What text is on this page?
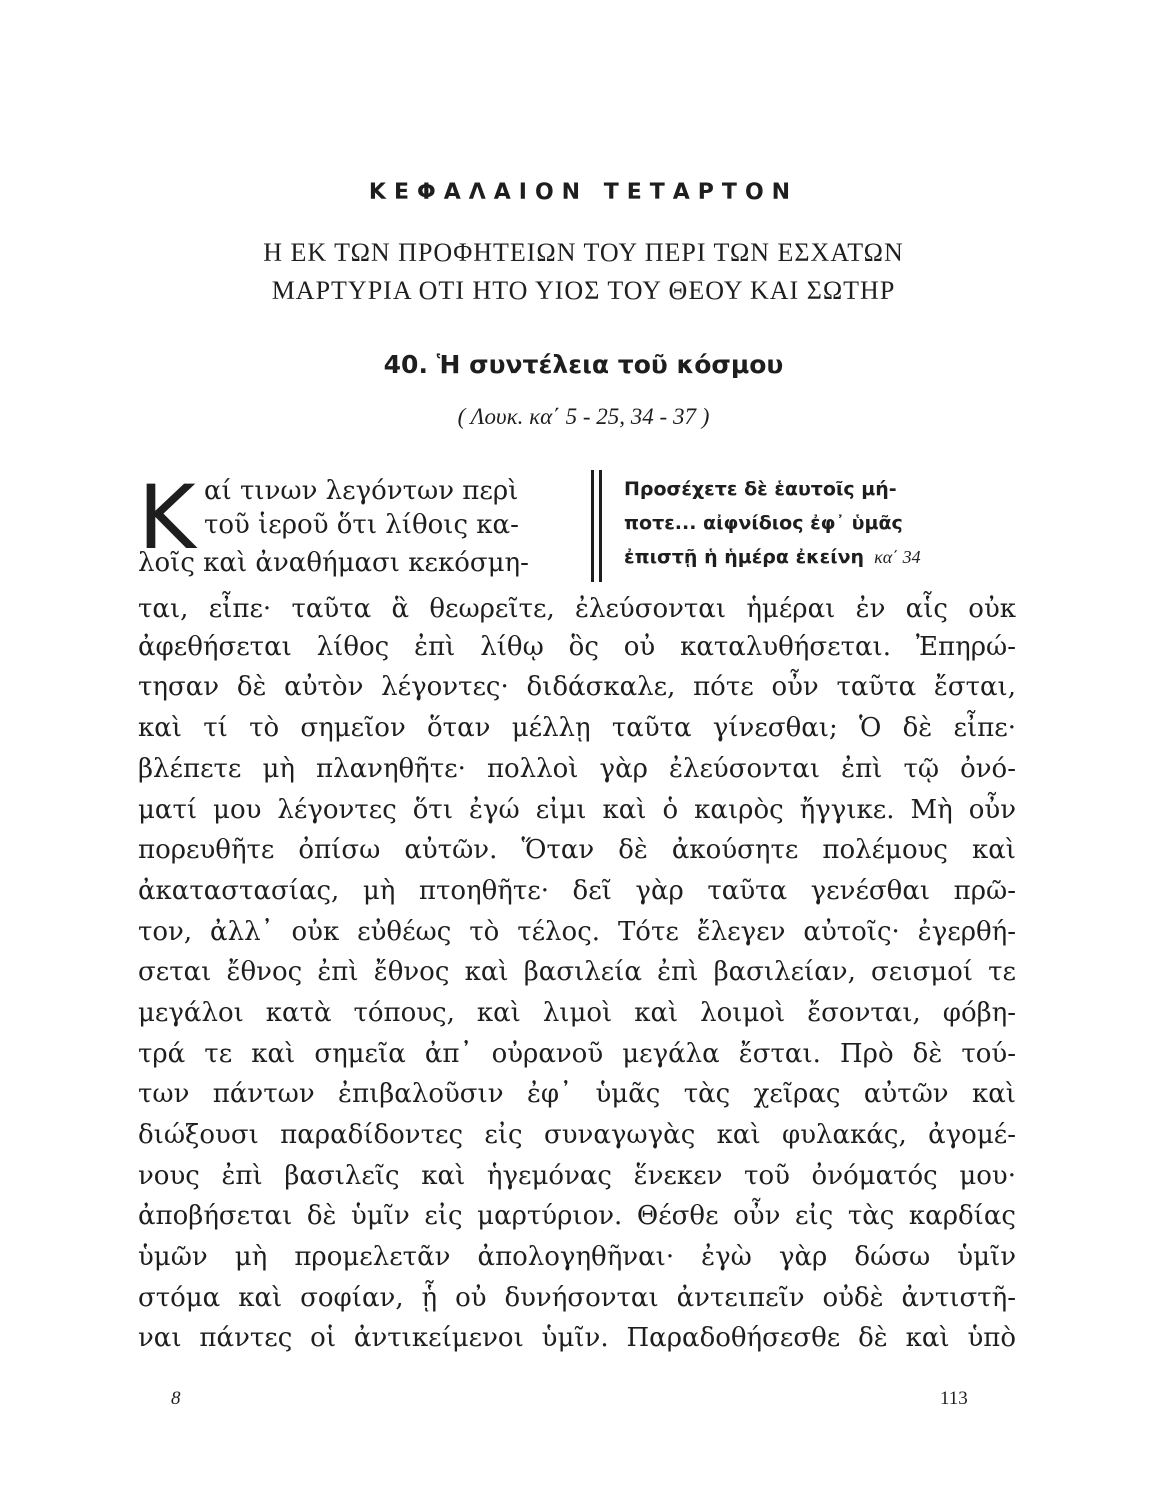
ΚΕΦΑΛΑΙΟΝ ΤΕΤΑΡΤΟΝ
Η ΕΚ ΤΩΝ ΠΡΟΦΗΤΕΙΩΝ ΤΟΥ ΠΕΡΙ ΤΩΝ ΕΣΧΑΤΩΝ
ΜΑΡΤΥΡΙΑ ΟΤΙ ΗΤΟ ΥΙΟΣ ΤΟΥ ΘΕΟΥ ΚΑΙ ΣΩΤΗΡ
40. Ἡ συντέλεια τοῦ κόσμου
( Λουκ. κα΄ 5 - 25, 34 - 37 )
Κ αί τινων λεγόντων περὶ
τοῦ ἱεροῦ ὅτι λίθοις κα-
λοῖς καὶ ἀναθήμασι κεκόσμη-
Προσέχετε δὲ ἑαυτοῖς μή-
ποτε... αἰφνίδιος ἐφ᾽ ὑμᾶς
ἐπιστῇ ἡ ἡμέρα ἐκείνη κα΄ 34
ται, εἶπε· ταῦτα ἃ θεωρεῖτε, ἐλεύσονται ἡμέραι ἐν αἷς οὐκ
ἀφεθήσεται λίθος ἐπὶ λίθῳ ὃς οὐ καταλυθήσεται. Ἐπηρώ-
τησαν δὲ αὐτὸν λέγοντες· διδάσκαλε, πότε οὖν ταῦτα ἔσται,
καὶ τί τὸ σημεῖον ὅταν μέλλῃ ταῦτα γίνεσθαι; Ὁ δὲ εἶπε·
βλέπετε μὴ πλανηθῆτε· πολλοὶ γὰρ ἐλεύσονται ἐπὶ τῷ ὀνό-
ματί μου λέγοντες ὅτι ἐγώ εἰμι καὶ ὁ καιρὸς ἤγγικε. Μὴ οὖν
πορευθῆτε ὀπίσω αὐτῶν. Ὅταν δὲ ἀκούσητε πολέμους καὶ
ἀκαταστασίας, μὴ πτοηθῆτε· δεῖ γὰρ ταῦτα γενέσθαι πρῶ-
τον, ἀλλ᾽ οὐκ εὐθέως τὸ τέλος. Τότε ἔλεγεν αὐτοῖς· ἐγερθή-
σεται ἔθνος ἐπὶ ἔθνος καὶ βασιλεία ἐπὶ βασιλείαν, σεισμοί τε
μεγάλοι κατὰ τόπους, καὶ λιμοὶ καὶ λοιμοὶ ἔσονται, φόβη-
τρά τε καὶ σημεῖα ἀπ᾽ οὐρανοῦ μεγάλα ἔσται. Πρὸ δὲ τού-
των πάντων ἐπιβαλοῦσιν ἐφ᾽ ὑμᾶς τὰς χεῖρας αὐτῶν καὶ
διώξουσι παραδίδοντες εἰς συναγωγὰς καὶ φυλακάς, ἀγομέ-
νους ἐπὶ βασιλεῖς καὶ ἡγεμόνας ἕνεκεν τοῦ ὀνόματός μου·
ἀποβήσεται δὲ ὑμῖν εἰς μαρτύριον. Θέσθε οὖν εἰς τὰς καρδίας
ὑμῶν μὴ προμελετᾶν ἀπολογηθῆναι· ἐγὼ γὰρ δώσω ὑμῖν
στόμα καὶ σοφίαν, ᾗ οὐ δυνήσονται ἀντειπεῖν οὐδὲ ἀντιστῆ-
ναι πάντες οἱ ἀντικείμενοι ὑμῖν. Παραδοθήσεσθε δὲ καὶ ὑπὸ
8	113
